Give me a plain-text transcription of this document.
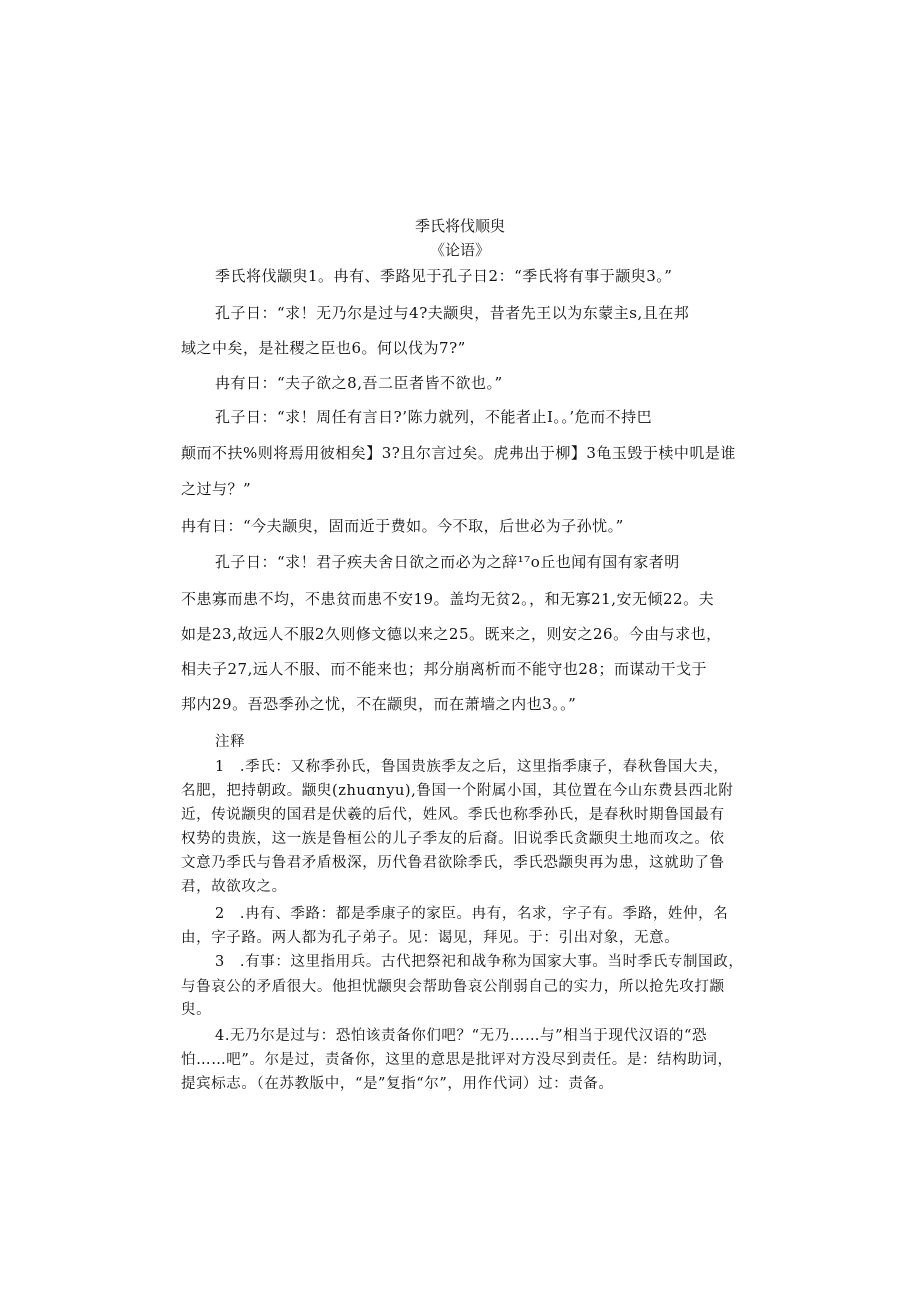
季氏将伐顺臾
《论语》
季氏将伐颛臾1。冉有、季路见于孔子日2：“季氏将有事于颛臾3。”
孔子日：“求！无乃尔是过与4?夫颛臾，昔者先王以为东蒙主s,且在邦
域之中矣，是社稷之臣也6。何以伐为7?”
冉有日：“夫子欲之8,吾二臣者皆不欲也。”
孔子日：“求！周任有言日?’陈力就列，不能者止I。。’危而不持巴
颠而不扶%则将焉用彼相矣】3?且尔言过矣。虎弗出于柳】3龟玉毁于椟中叽是谁
之过与？”
冉有日：“今夫颛臾，固而近于费如。今不取，后世必为子孙忧。”
孔子日：“求！君子疾夫舍日欲之而必为之辞¹⁷o丘也闻有国有家者明
不患寡而患不均，不患贫而患不安19。盖均无贫2。，和无寡21,安无倾22。夫
如是23,故远人不服2久则修文德以来之25。既来之，则安之26。今由与求也，
相夫子27,远人不服、而不能来也；邦分崩离析而不能守也28；而谋动干戈于
邦内29。吾恐季孙之忧，不在颛臾，而在萧墙之内也3。。”
注释
1　.季氏：又称季孙氏，鲁国贵族季友之后，这里指季康子，春秋鲁国大夫，
名肥，把持朝政。颛臾(zhuɑnyu),鲁国一个附属小国，其位置在今山东费县西北附
近，传说颛臾的国君是伏羲的后代，姓风。季氏也称季孙氏，是春秋时期鲁国最有
权势的贵族，这一族是鲁桓公的儿子季友的后裔。旧说季氏贪颛臾土地而攻之。依
文意乃季氏与鲁君矛盾极深，历代鲁君欲除季氏，季氏恐颛臾再为患，这就助了鲁
君，故欲攻之。
2　.冉有、季路：都是季康子的家臣。冉有，名求，字子有。季路，姓仲，名
由，字子路。两人都为孔子弟子。见：谒见，拜见。于：引出对象，无意。
3　.有事：这里指用兵。古代把祭祀和战争称为国家大事。当时季氏专制国政，
与鲁哀公的矛盾很大。他担忧颛臾会帮助鲁哀公削弱自己的实力，所以抢先攻打颛
臾。
4.无乃尔是过与：恐怕该责备你们吧？“无乃……与”相当于现代汉语的“恐
怕……吧”。尔是过，责备你，这里的意思是批评对方没尽到责任。是：结构助词，
提宾标志。（在苏教版中，“是”复指“尔”，用作代词）过：责备。
